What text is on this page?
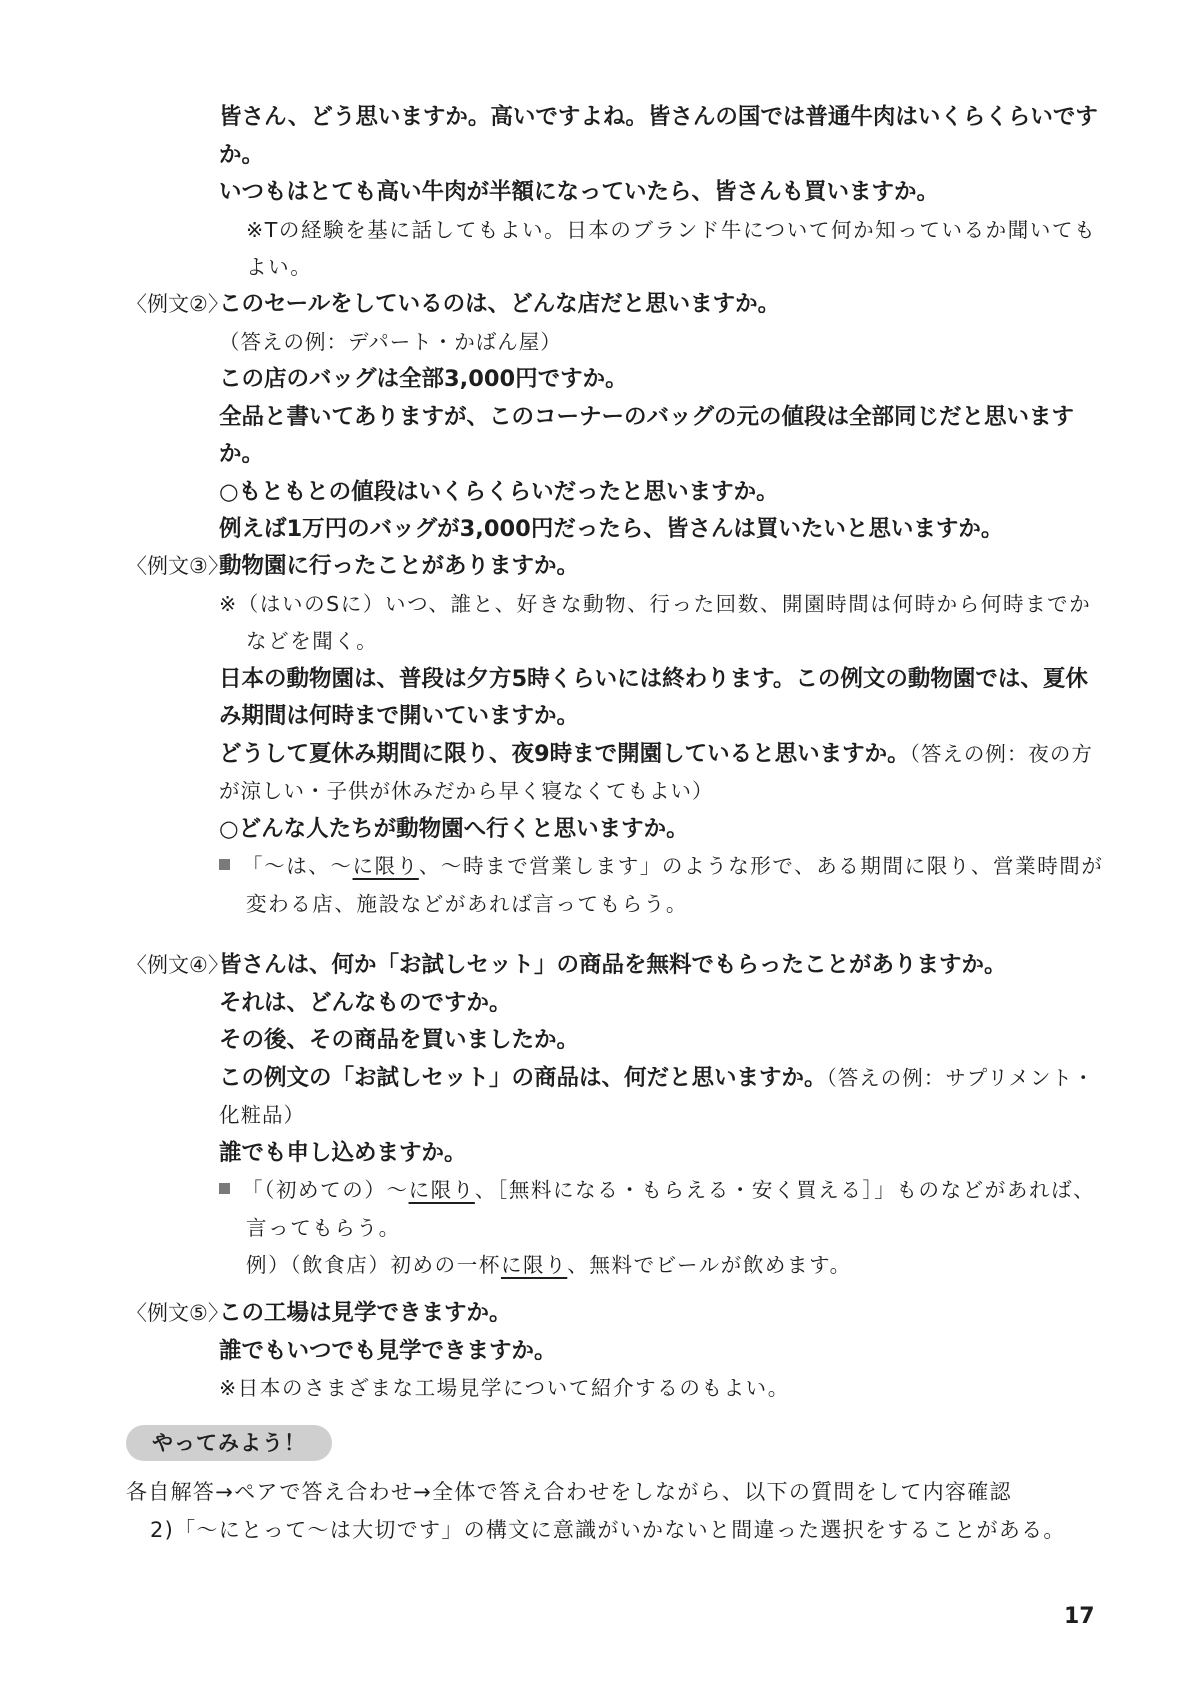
皆さん、どう思いますか。高いですよね。皆さんの国では普通牛肉はいくらくらいですか。

いつもはとても高い牛肉が半額になっていたら、皆さんも買いますか。

※Tの経験を基に話してもよい。日本のブランド牛について何か知っているか聞いてもよい。

〈例文②〉

このセールをしているのは、どんな店だと思いますか。（答えの例：デパート・かばん屋）

この店のバッグは全部3,000円ですか。

全品と書いてありますが、このコーナーのバッグの元の値段は全部同じだと思いますか。

○もともとの値段はいくらくらいだったと思いますか。

例えば1万円のバッグが3,000円だったら、皆さんは買いたいと思いますか。

〈例文③〉

動物園に行ったことがありますか。

※（はいのSに）いつ、誰と、好きな動物、行った回数、開園時間は何時から何時までかなどを聞く。

日本の動物園は、普段は夕方5時くらいには終わります。この例文の動物園では、夏休み期間は何時まで開いていますか。

どうして夏休み期間に限り、夜9時まで開園していると思いますか。（答えの例：夜の方が涼しい・子供が休みだから早く寝なくてもよい）

○どんな人たちが動物園へ行くと思いますか。

「〜は、〜に限り、〜時まで営業します」のような形で、ある期間に限り、営業時間が変わる店、施設などがあれば言ってもらう。

〈例文④〉

皆さんは、何か「お試しセット」の商品を無料でもらったことがありますか。

それは、どんなものですか。

その後、その商品を買いましたか。

この例文の「お試しセット」の商品は、何だと思いますか。（答えの例：サプリメント・化粧品）

誰でも申し込めますか。

「（初めての）〜に限り、［無料になる・もらえる・安く買える］」ものなどがあれば、言ってもらう。

例）（飲食店）初めの一杯に限り、無料でビールが飲めます。

〈例文⑤〉

この工場は見学できますか。

誰でもいつでも見学できますか。

※日本のさまざまな工場見学について紹介するのもよい。

やってみよう！
各自解答→ペアで答え合わせ→全体で答え合わせをしながら、以下の質問をして内容確認
2)「〜にとって〜は大切です」の構文に意識がいかないと間違った選択をすることがある。
17
